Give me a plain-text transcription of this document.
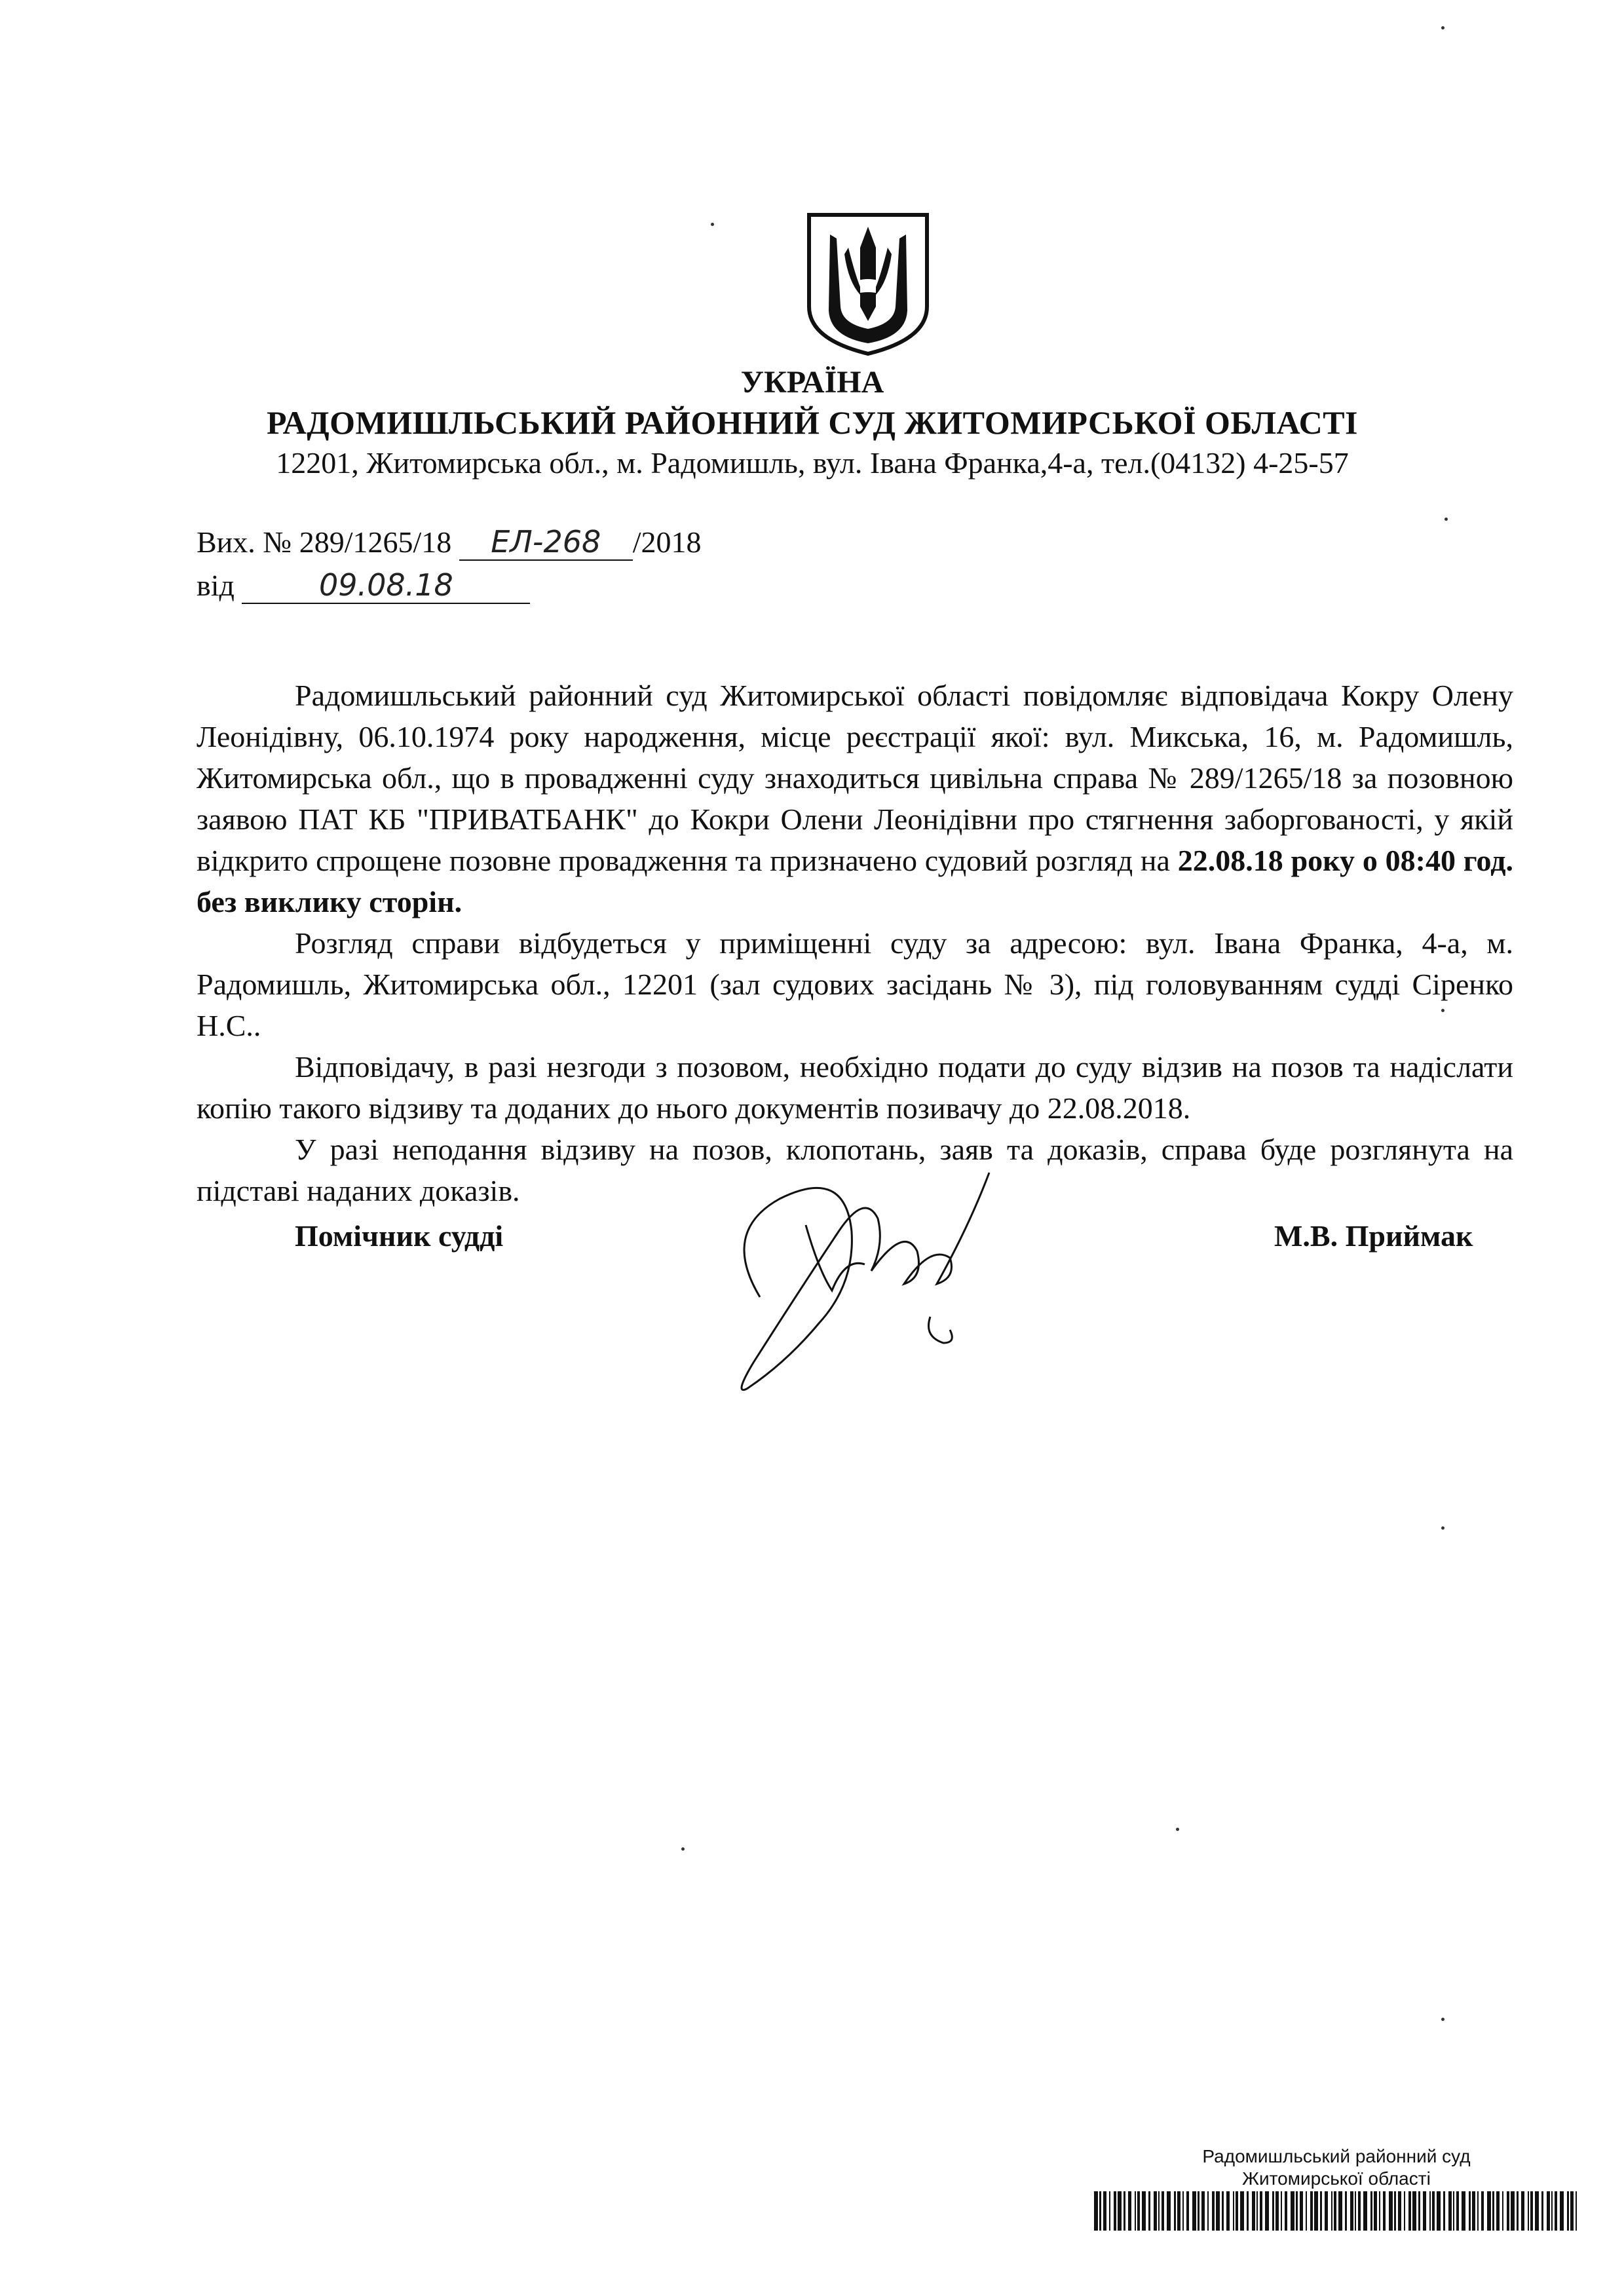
УКРАЇНА
РАДОМИШЛЬСЬКИЙ РАЙОННИЙ СУД ЖИТОМИРСЬКОЇ ОБЛАСТІ
12201, Житомирська обл., м. Радомишль, вул. Івана Франка,4-а, тел.(04132) 4-25-57
Вих. № 289/1265/18 ЕЛ-268 /2018
від	09.08.18

Радомишльський районний суд Житомирської області повідомляє відповідача Кокру Олену Леонідівну, 06.10.1974 року народження, місце реєстрації якої: вул. Микська, 16, м. Радомишль, Житомирська обл., що в провадженні суду знаходиться цивільна справа № 289/1265/18 за позовною заявою ПАТ КБ "ПРИВАТБАНК" до Кокри Олени Леонідівни про стягнення заборгованості, у якій відкрито спрощене позовне провадження та призначено судовий розгляд на 22.08.18 року о 08:40 год. без виклику сторін.

Розгляд справи відбудеться у приміщенні суду за адресою: вул. Івана Франка, 4-а, м. Радомишль, Житомирська обл., 12201 (зал судових засідань № 3), під головуванням судді Сіренко Н.С..

Відповідачу, в разі незгоди з позовом, необхідно подати до суду відзив на позов та надіслати копію такого відзиву та доданих до нього документів позивачу до 22.08.2018.

У разі неподання відзиву на позов, клопотань, заяв та доказів, справа буде розглянута на підставі наданих доказів.

Помічник судді	М.В. Приймак
Радомишльський районний суд
Житомирської області
